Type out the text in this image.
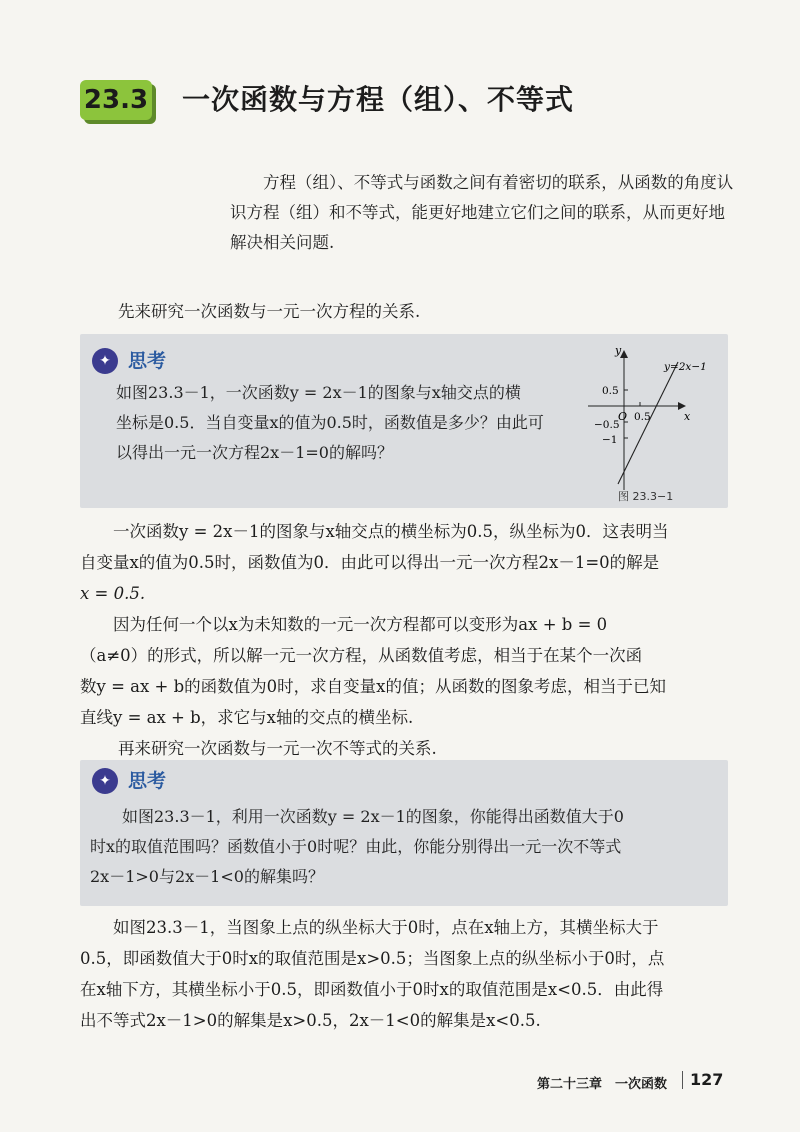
23.3 一次函数与方程（组）、不等式
方程（组）、不等式与函数之间有着密切的联系，从函数的角度认识方程（组）和不等式，能更好地建立它们之间的联系，从而更好地解决相关问题.
先来研究一次函数与一元一次方程的关系.
✦ 思考
如图23.3－1，一次函数y = 2x－1的图象与x轴交点的横
坐标是0.5．当自变量x的值为0.5时，函数值是多少？由此可
以得出一元一次方程2x－1=0的解吗？
y
x
O
0.5
0.5
−0.5
−1
y=2x−1
图 23.3−1
一次函数y = 2x－1的图象与x轴交点的横坐标为0.5，纵坐标为0．这表明当
自变量x的值为0.5时，函数值为0．由此可以得出一元一次方程2x－1=0的解是
x = 0.5.
因为任何一个以x为未知数的一元一次方程都可以变形为ax + b = 0
（a≠0）的形式，所以解一元一次方程，从函数值考虑，相当于在某个一次函
数y = ax + b的函数值为0时，求自变量x的值；从函数的图象考虑，相当于已知
直线y = ax + b，求它与x轴的交点的横坐标.
再来研究一次函数与一元一次不等式的关系.
✦ 思考
如图23.3－1，利用一次函数y = 2x－1的图象，你能得出函数值大于0
时x的取值范围吗？函数值小于0时呢？由此，你能分别得出一元一次不等式
2x－1>0与2x－1<0的解集吗？
如图23.3－1，当图象上点的纵坐标大于0时，点在x轴上方，其横坐标大于
0.5，即函数值大于0时x的取值范围是x>0.5；当图象上点的纵坐标小于0时，点
在x轴下方，其横坐标小于0.5，即函数值小于0时x的取值范围是x<0.5．由此得
出不等式2x－1>0的解集是x>0.5，2x－1<0的解集是x<0.5.
第二十三章　一次函数 127
